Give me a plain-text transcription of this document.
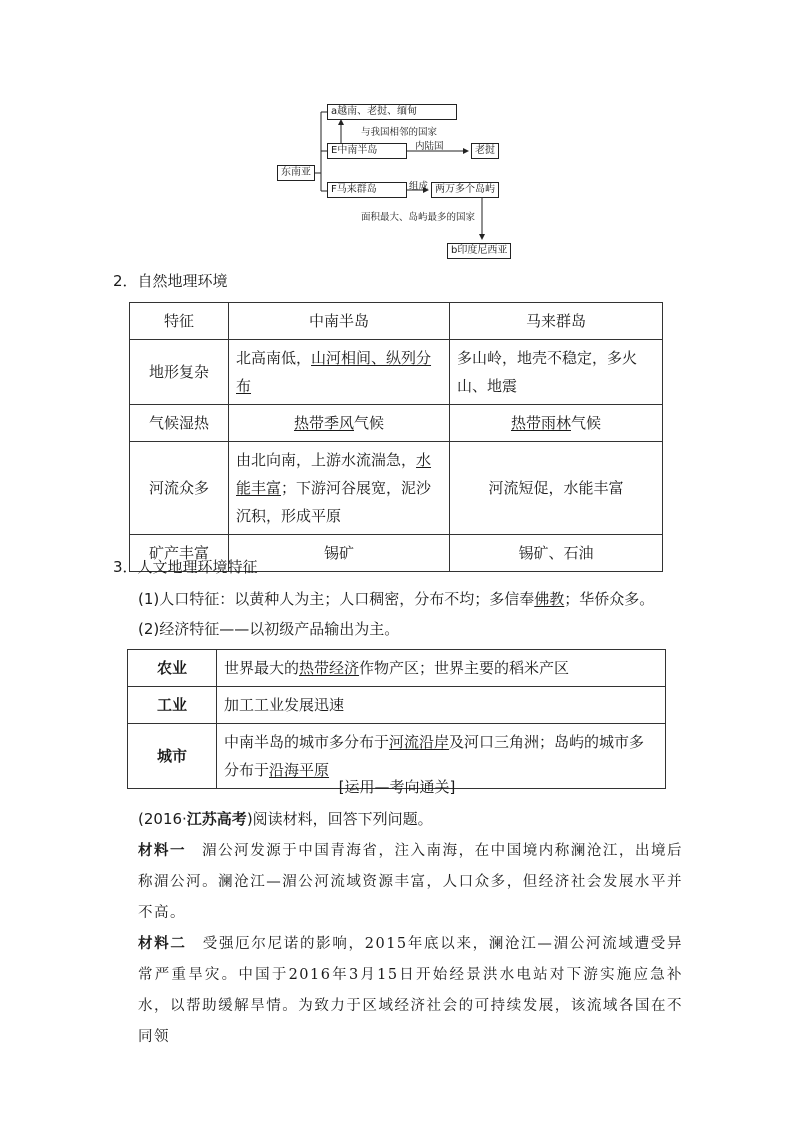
东南亚
a越南、老挝、缅甸
与我国相邻的国家
E中南半岛	内陆国	老挝
F马来群岛	组成 两万多个岛屿
面积最大、岛屿最多的国家
b印度尼西亚
2．自然地理环境
特征	中南半岛	马来群岛
地形复杂	北高南低，山河相间、纵列分布	多山岭，地壳不稳定，多火山、地震
气候湿热	热带季风气候	热带雨林气候
河流众多	由北向南，上游水流湍急，水能丰富；下游河谷展宽，泥沙沉积，形成平原	河流短促，水能丰富
矿产丰富	锡矿	锡矿、石油
3．人文地理环境特征
(1)人口特征：以黄种人为主；人口稠密，分布不均；多信奉佛教；华侨众多。
(2)经济特征——以初级产品输出为主。
农业	世界最大的热带经济作物产区；世界主要的稻米产区
工业	加工工业发展迅速
城市	中南半岛的城市多分布于河流沿岸及河口三角洲；岛屿的城市多分布于沿海平原
[运用—考向通关]
(2016·江苏高考)阅读材料，回答下列问题。
材料一　湄公河发源于中国青海省，注入南海，在中国境内称澜沧江，出境后称湄公河。澜沧江—湄公河流域资源丰富，人口众多，但经济社会发展水平并不高。
材料二　受强厄尔尼诺的影响，2015年底以来，澜沧江—湄公河流域遭受异常严重旱灾。中国于2016年3月15日开始经景洪水电站对下游实施应急补水，以帮助缓解旱情。为致力于区域经济社会的可持续发展，该流域各国在不同领
